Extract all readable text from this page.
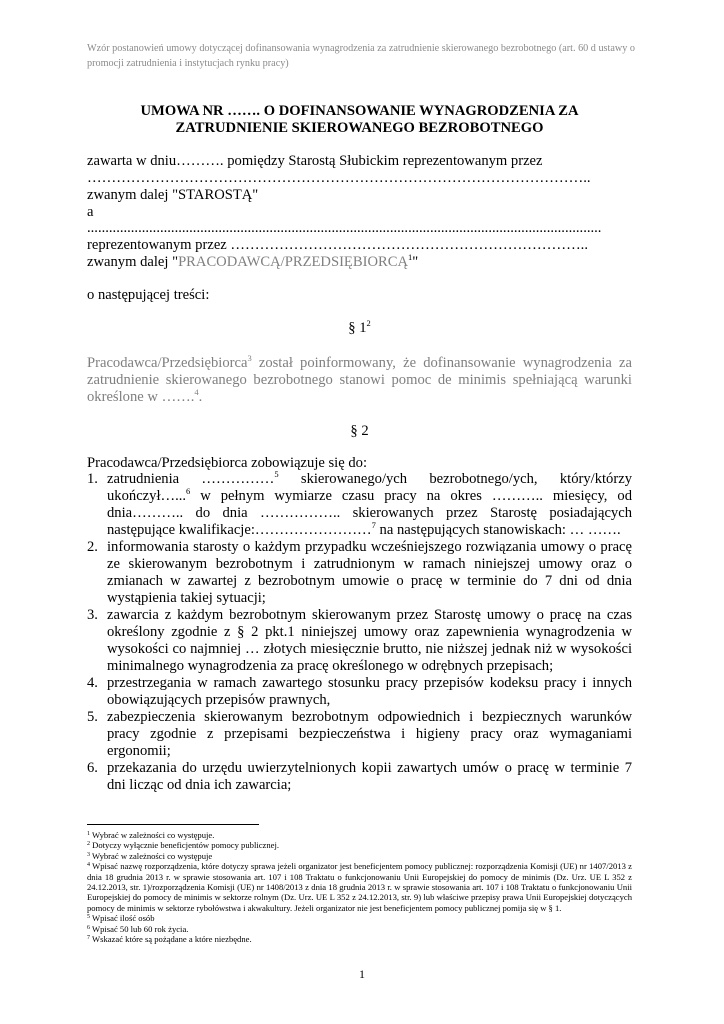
Wzór postanowień umowy dotyczącej dofinansowania wynagrodzenia za zatrudnienie skierowanego bezrobotnego (art. 60 d ustawy o promocji zatrudnienia i instytucjach rynku pracy)
UMOWA NR ……. O DOFINANSOWANIE WYNAGRODZENIA ZA
ZATRUDNIENIE SKIEROWANEGO BEZROBOTNEGO
zawarta w dniu………. pomiędzy Starostą Słubickim reprezentowanym przez
…………………………………………………………………………………………..
zwanym dalej "STAROSTĄ"
a
.............................................................................................................................................
reprezentowanym przez ………………………………………………………………..
zwanym dalej "PRACODAWCĄ/PRZEDSIĘBIORCĄ$^1$"
o następującej treści:
§ $1^2$
Pracodawca/Przedsiębiorca$^3$ został poinformowany, że dofinansowanie wynagrodzenia za zatrudnienie skierowanego bezrobotnego stanowi pomoc de minimis spełniającą warunki określone w …….$^4$.
§ 2
Pracodawca/Przedsiębiorca zobowiązuje się do:
1. zatrudnienia ……………$^5$ skierowanego/ych bezrobotnego/ych, który/którzy ukończył…...$^6$ w pełnym wymiarze czasu pracy na okres ……….. miesięcy, od dnia……….. do dnia …………….. skierowanych przez Starostę posiadających następujące kwalifikacje:……………………$^7$ na następujących stanowiskach: … …….
2. informowania starosty o każdym przypadku wcześniejszego rozwiązania umowy o pracę ze skierowanym bezrobotnym i zatrudnionym w ramach niniejszej umowy oraz o zmianach w zawartej z bezrobotnym umowie o pracę w terminie do 7 dni od dnia wystąpienia takiej sytuacji;
3. zawarcia z każdym bezrobotnym skierowanym przez Starostę umowy o pracę na czas określony zgodnie z § 2 pkt.1 niniejszej umowy oraz zapewnienia wynagrodzenia w wysokości co najmniej … złotych miesięcznie brutto, nie niższej jednak niż w wysokości minimalnego wynagrodzenia za pracę określonego w odrębnych przepisach;
4. przestrzegania w ramach zawartego stosunku pracy przepisów kodeksu pracy i innych obowiązujących przepisów prawnych,
5. zabezpieczenia skierowanym bezrobotnym odpowiednich i bezpiecznych warunków pracy zgodnie z przepisami bezpieczeństwa i higieny pracy oraz wymaganiami ergonomii;
6. przekazania do urzędu uwierzytelnionych kopii zawartych umów o pracę w terminie 7 dni licząc od dnia ich zawarcia;
$^1$ Wybrać w zależności co występuje.
$^2$ Dotyczy wyłącznie beneficjentów pomocy publicznej.
$^3$ Wybrać w zależności co występuje
$^4$ Wpisać nazwę rozporządzenia, które dotyczy sprawa jeżeli organizator jest beneficjentem pomocy publicznej: rozporządzenia Komisji (UE) nr 1407/2013 z dnia 18 grudnia 2013 r. w sprawie stosowania art. 107 i 108 Traktatu o funkcjonowaniu Unii Europejskiej do pomocy de minimis (Dz. Urz. UE L 352 z 24.12.2013, str. 1)/rozporządzenia Komisji (UE) nr 1408/2013 z dnia 18 grudnia 2013 r. w sprawie stosowania art. 107 i 108 Traktatu o funkcjonowaniu Unii Europejskiej do pomocy de minimis w sektorze rolnym (Dz. Urz. UE L 352 z 24.12.2013, str. 9) lub właściwe przepisy prawa Unii Europejskiej dotyczących pomocy de minimis w sektorze rybołówstwa i akwakultury. Jeżeli organizator nie jest beneficjentem pomocy publicznej pomija się w § 1.
$^5$ Wpisać ilość osób
$^6$ Wpisać 50 lub 60 rok życia.
$^7$ Wskazać które są pożądane a które niezbędne.
1
